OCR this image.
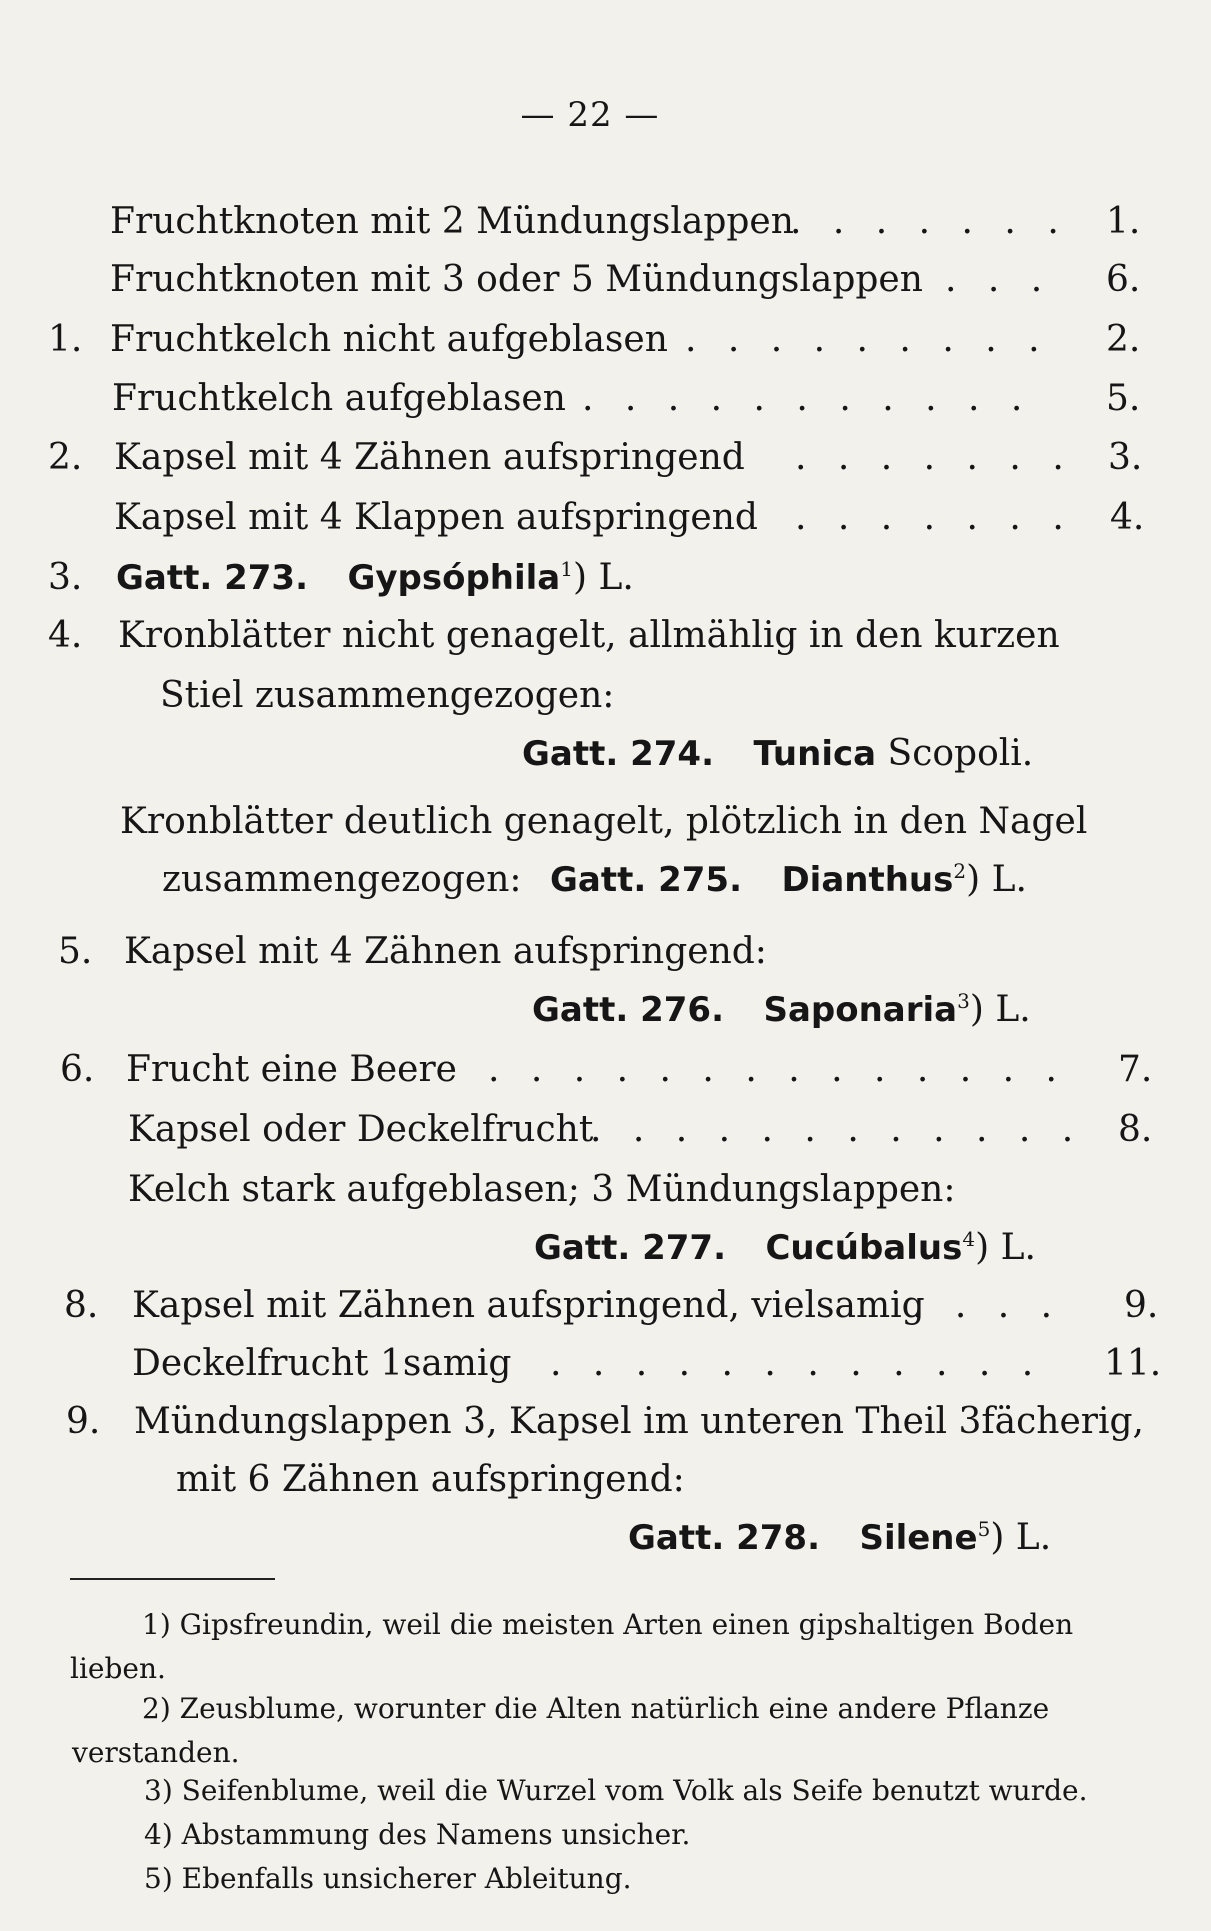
— 22 —
Fruchtknoten mit 2 Mündungslappen
. . . . . . . 1.
Fruchtknoten mit 3 oder 5 Mündungslappen . . . 6.
1. Fruchtkelch nicht aufgeblasen . . . . . . . . . 2.
Fruchtkelch aufgeblasen . . . . . . . . . . . 5.
2. Kapsel mit 4 Zähnen aufspringend . . . . . . . 3.
Kapsel mit 4 Klappen aufspringend . . . . . . . 4.
3. Gatt. 273. Gypsóphila$^1$) L.
4. Kronblätter nicht genagelt, allmählig in den kurzen
Stiel zusammengezogen:
Gatt. 274. Tunica Scopoli.
Kronblätter deutlich genagelt, plötzlich in den Nagel
zusammengezogen: Gatt. 275. Dianthus$^2$) L.
5. Kapsel mit 4 Zähnen aufspringend:
Gatt. 276. Saponaria$^3$) L.
6. Frucht eine Beere . . . . . . . . . . . . . . 7.
Kapsel oder Deckelfrucht
. . . . . . . . . . . . 8.
Kelch stark aufgeblasen; 3 Mündungslappen:
Gatt. 277. Cucúbalus$^4$) L.
8. Kapsel mit Zähnen aufspringend, vielsamig
. . . . 9.
Deckelfrucht 1samig . . . . . . . . . . . . 11.
9. Mündungslappen 3, Kapsel im unteren Theil 3fächerig,
mit 6 Zähnen aufspringend:
Gatt. 278. Silene$^5$) L.
1) Gipsfreundin, weil die meisten Arten einen gipshaltigen Boden
lieben.
2) Zeusblume, worunter die Alten natürlich eine andere Pflanze
verstanden.
3) Seifenblume, weil die Wurzel vom Volk als Seife benutzt wurde.
4) Abstammung des Namens unsicher.
5) Ebenfalls unsicherer Ableitung.
